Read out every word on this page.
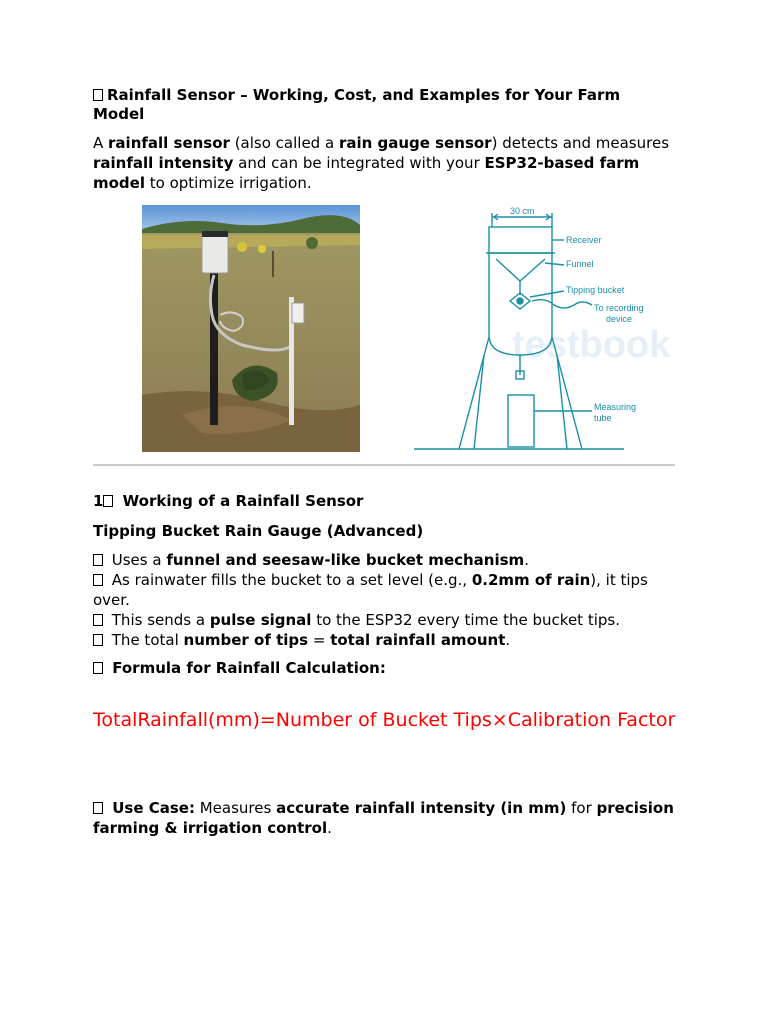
Rainfall Sensor – Working, Cost, and Examples for Your Farm Model

A rainfall sensor (also called a rain gauge sensor) detects and measures rainfall intensity and can be integrated with your ESP32-based farm model to optimize irrigation.

testbook
30 cm
Receiver
Funnel
Tipping bucket
To recording
device
Measuring
tube
1 Working of a Rainfall Sensor
Tipping Bucket Rain Gauge (Advanced)
Uses a funnel and seesaw-like bucket mechanism.
As rainwater fills the bucket to a set level (e.g., 0.2mm of rain), it tips over.
This sends a pulse signal to the ESP32 every time the bucket tips.
The total number of tips = total rainfall amount.
Formula for Rainfall Calculation:
TotalRainfall(mm)=Number of Bucket Tips×Calibration Factor
Use Case: Measures accurate rainfall intensity (in mm) for precision farming & irrigation control.
